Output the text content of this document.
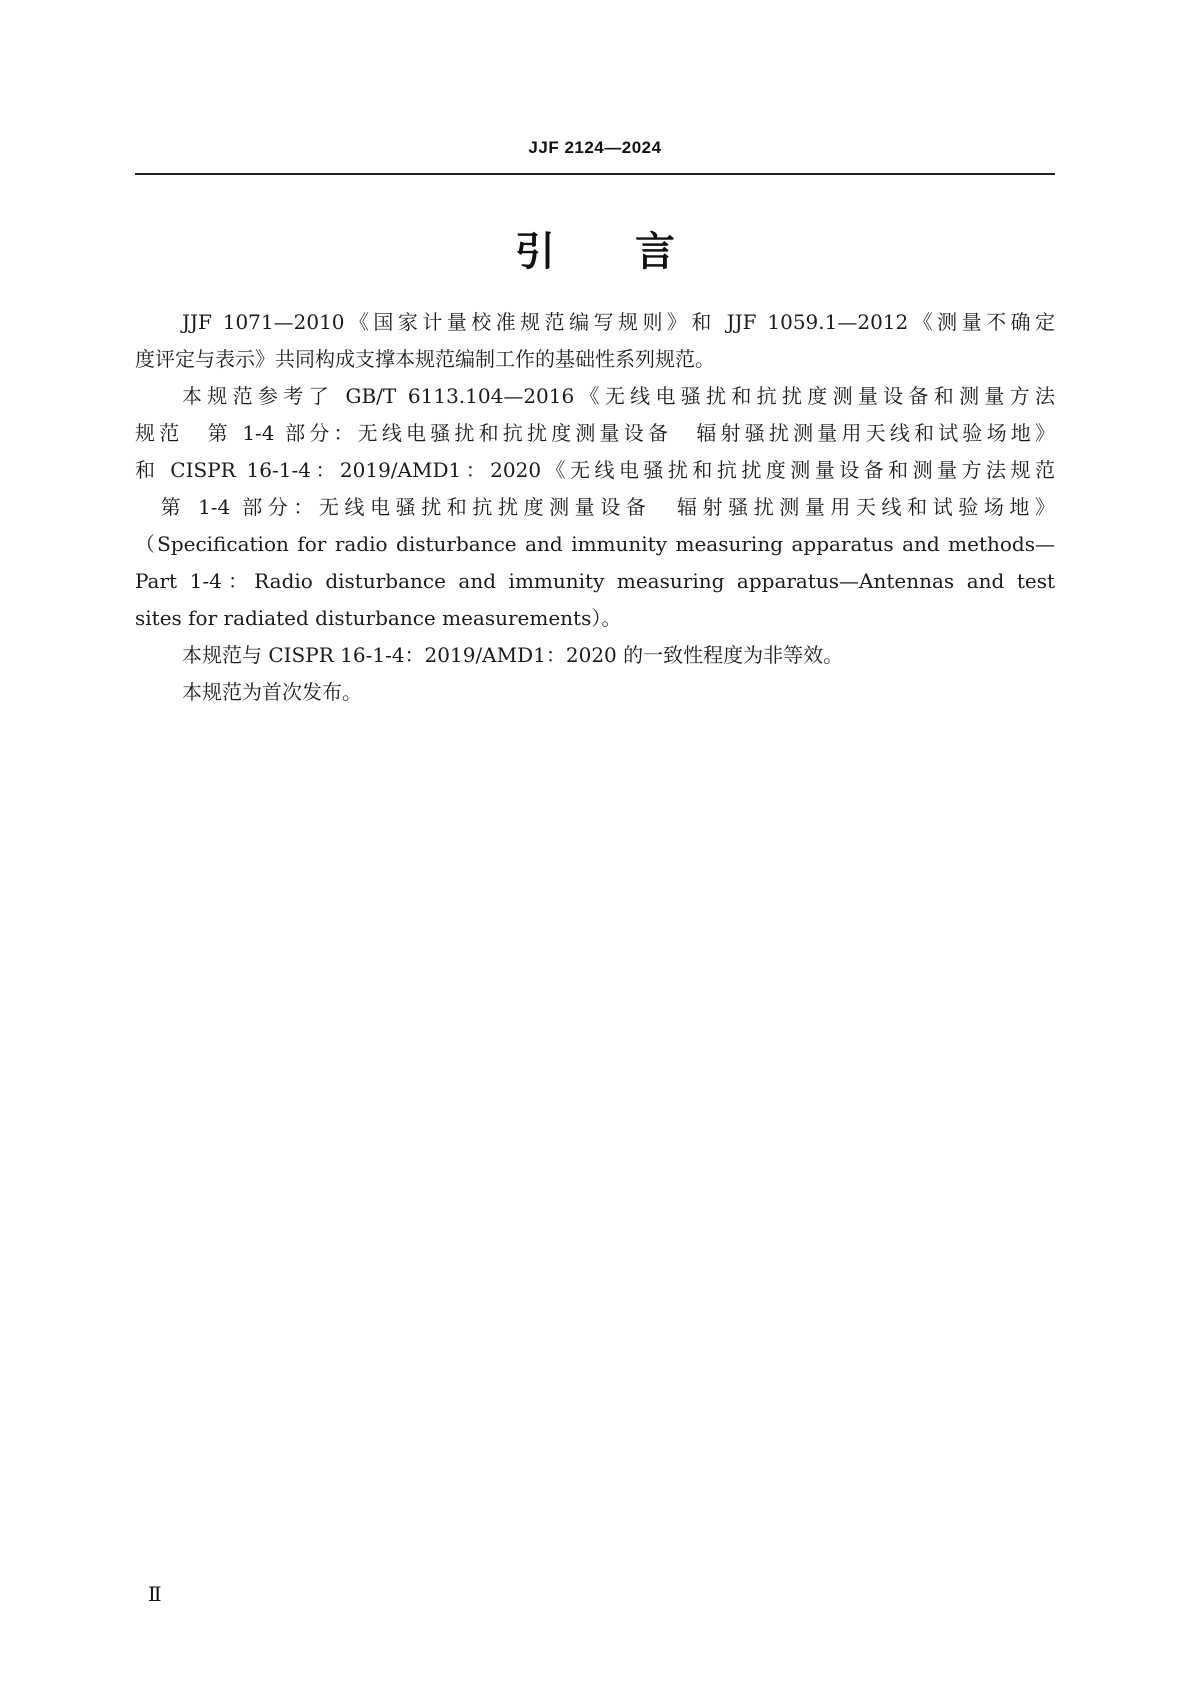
JJF 2124—2024
引言
JJF 1071—2010《国家计量校准规范编写规则》和 JJF 1059.1—2012《测量不确定
度评定与表示》共同构成支撑本规范编制工作的基础性系列规范。
本规范参考了 GB/T 6113.104—2016《无线电骚扰和抗扰度测量设备和测量方法
规范　第 1-4 部分：无线电骚扰和抗扰度测量设备　辐射骚扰测量用天线和试验场地》
和 CISPR 16-1-4：2019/AMD1：2020《无线电骚扰和抗扰度测量设备和测量方法规范
　第 1-4 部分：无线电骚扰和抗扰度测量设备　辐射骚扰测量用天线和试验场地》
（Specification for radio disturbance and immunity measuring apparatus and methods—
Part 1-4：Radio disturbance and immunity measuring apparatus—Antennas and test
sites for radiated disturbance measurements）。
本规范与 CISPR 16-1-4：2019/AMD1：2020 的一致性程度为非等效。
本规范为首次发布。
Ⅱ
